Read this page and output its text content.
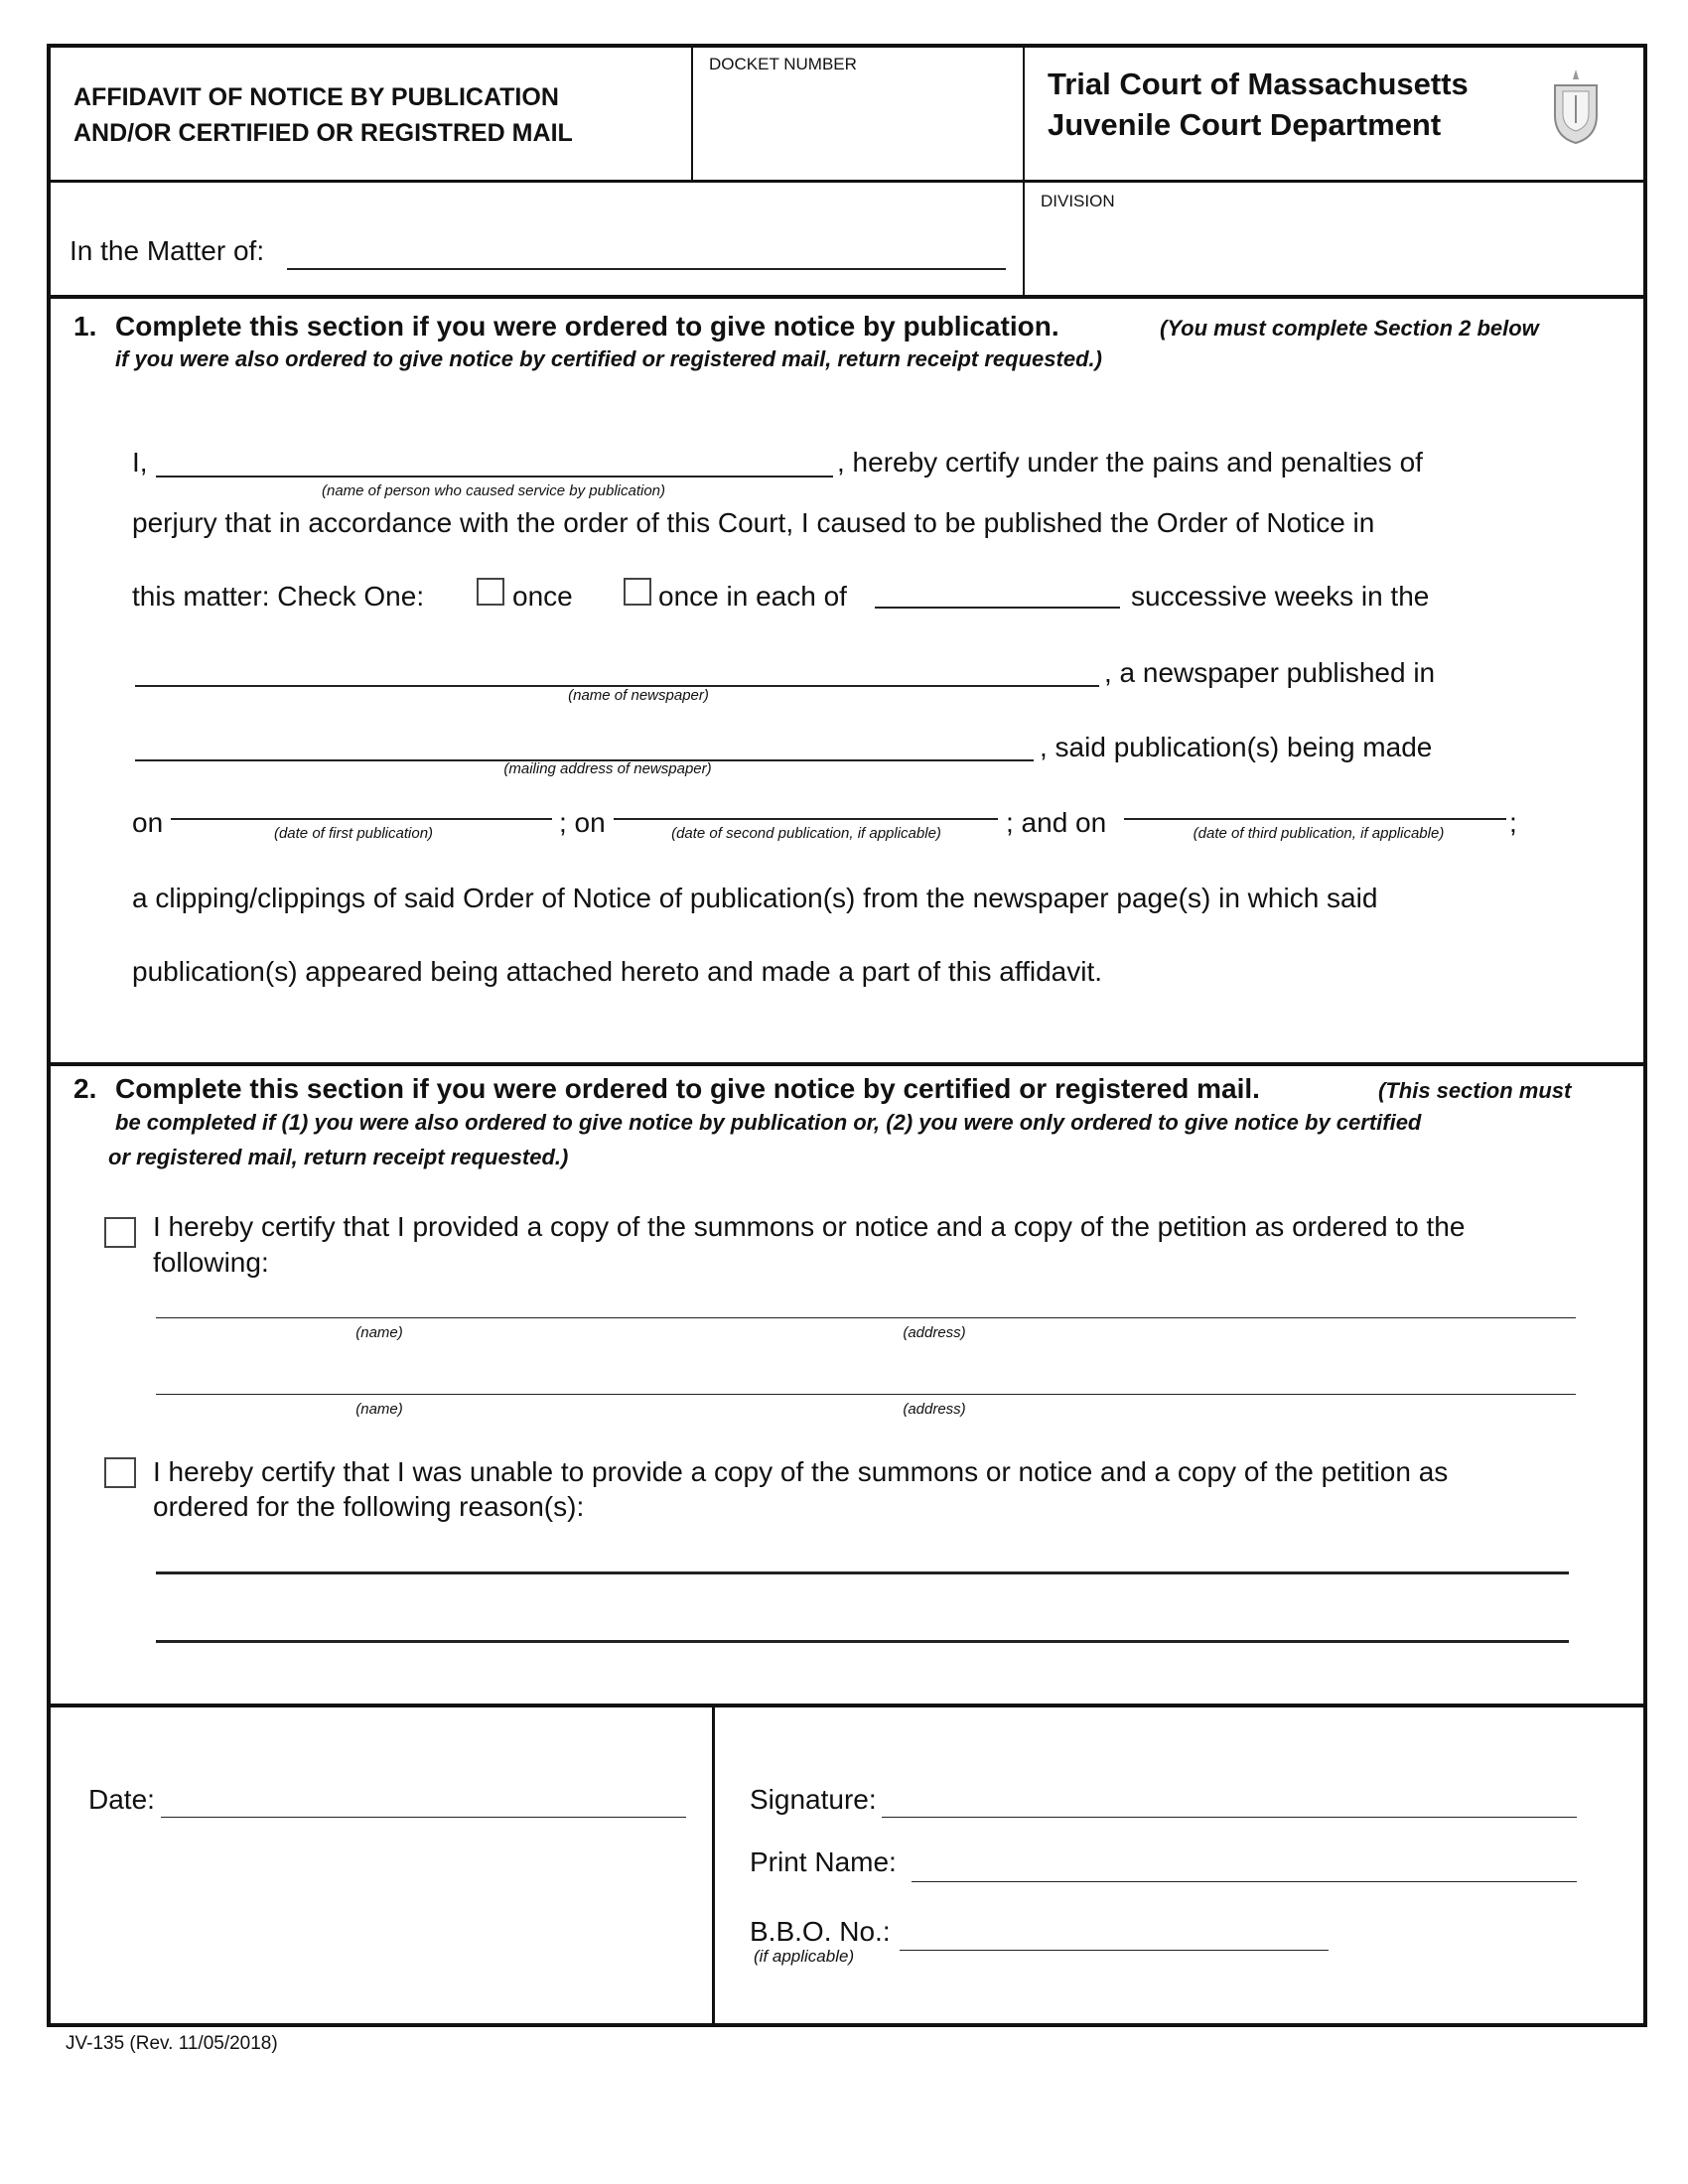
AFFIDAVIT OF NOTICE BY PUBLICATION
AND/OR CERTIFIED OR REGISTRED MAIL
DOCKET NUMBER
Trial Court of Massachusetts
Juvenile Court Department
DIVISION
In the Matter of:
1. Complete this section if you were ordered to give notice by publication.	(You must complete Section 2 below
if you were also ordered to give notice by certified or registered mail, return receipt requested.)
I,	, hereby certify under the pains and penalties of
(name of person who caused service by publication)
perjury that in accordance with the order of this Court, I caused to be published the Order of Notice in
this matter: Check One:	once	once in each of	successive weeks in the
, a newspaper published in
(name of newspaper)
, said publication(s) being made
(mailing address of newspaper)
on	(date of first publication)	; on	(date of second publication, if applicable) ; and on	(date of third publication, if applicable) ;
a clipping/clippings of said Order of Notice of publication(s) from the newspaper page(s) in which said
publication(s) appeared being attached hereto and made a part of this affidavit.
2. Complete this section if you were ordered to give notice by certified or registered mail.	(This section must
be completed if (1) you were also ordered to give notice by publication or, (2) you were only ordered to give notice by certified
or registered mail, return receipt requested.)
I hereby certify that I provided a copy of the summons or notice and a copy of the petition as ordered to the
following:
(name)	(address)
(name)	(address)
I hereby certify that I was unable to provide a copy of the summons or notice and a copy of the petition as
ordered for the following reason(s):
Date:	Signature:
Print Name:
B.B.O. No.:
(if applicable)
JV-135 (Rev. 11/05/2018)
